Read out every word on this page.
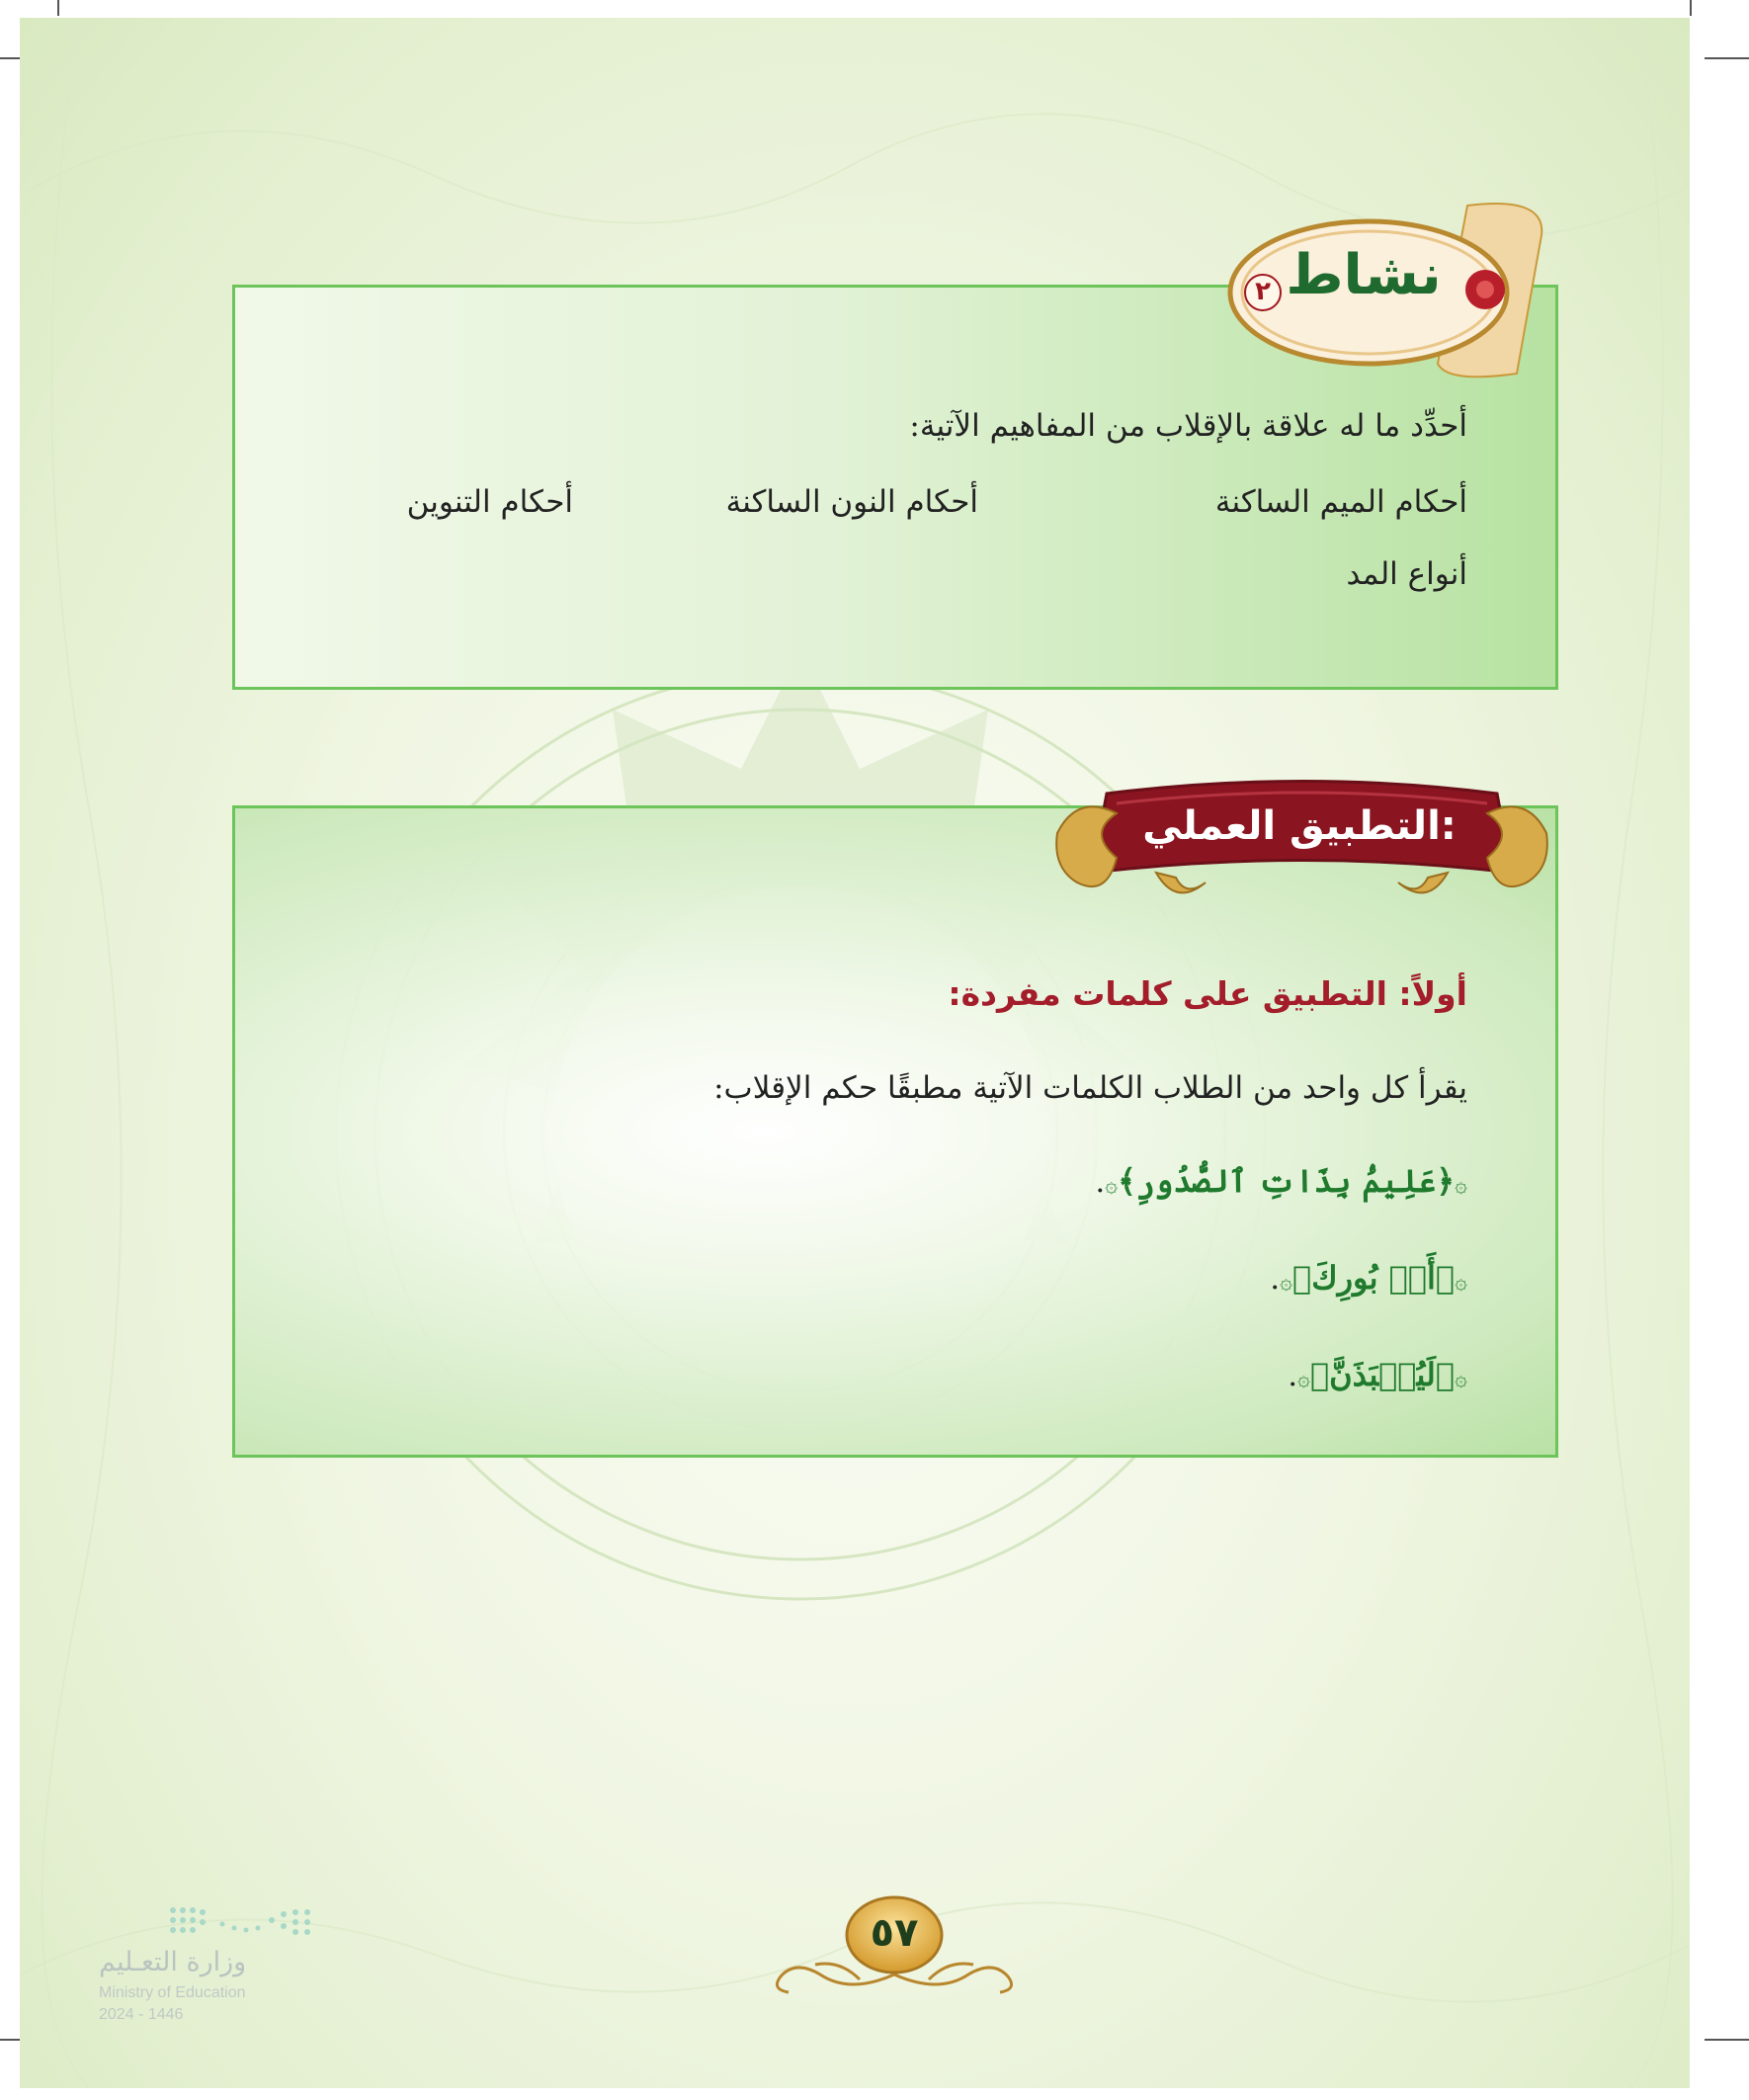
نشاط
٢
أحدِّد ما له علاقة بالإقلاب من المفاهيم الآتية:
أحكام الميم الساكنة
أحكام النون الساكنة
أحكام التنوين
أنواع المد
التطبيق العملي:
أولاً: التطبيق على كلمات مفردة:
يقرأ كل واحد من الطلاب الكلمات الآتية مطبقًا حكم الإقلاب:
۞﴿عَلِيمُۢ بِذَاتِ ٱلصُّدُورِ﴾۞.
۞﴿أَنۢ بُورِكَ﴾۞.
۞﴿لَيُنۢبَذَنَّ﴾۞.
٥٧
وزارة التعـليم
Ministry of Education
2024 - 1446
